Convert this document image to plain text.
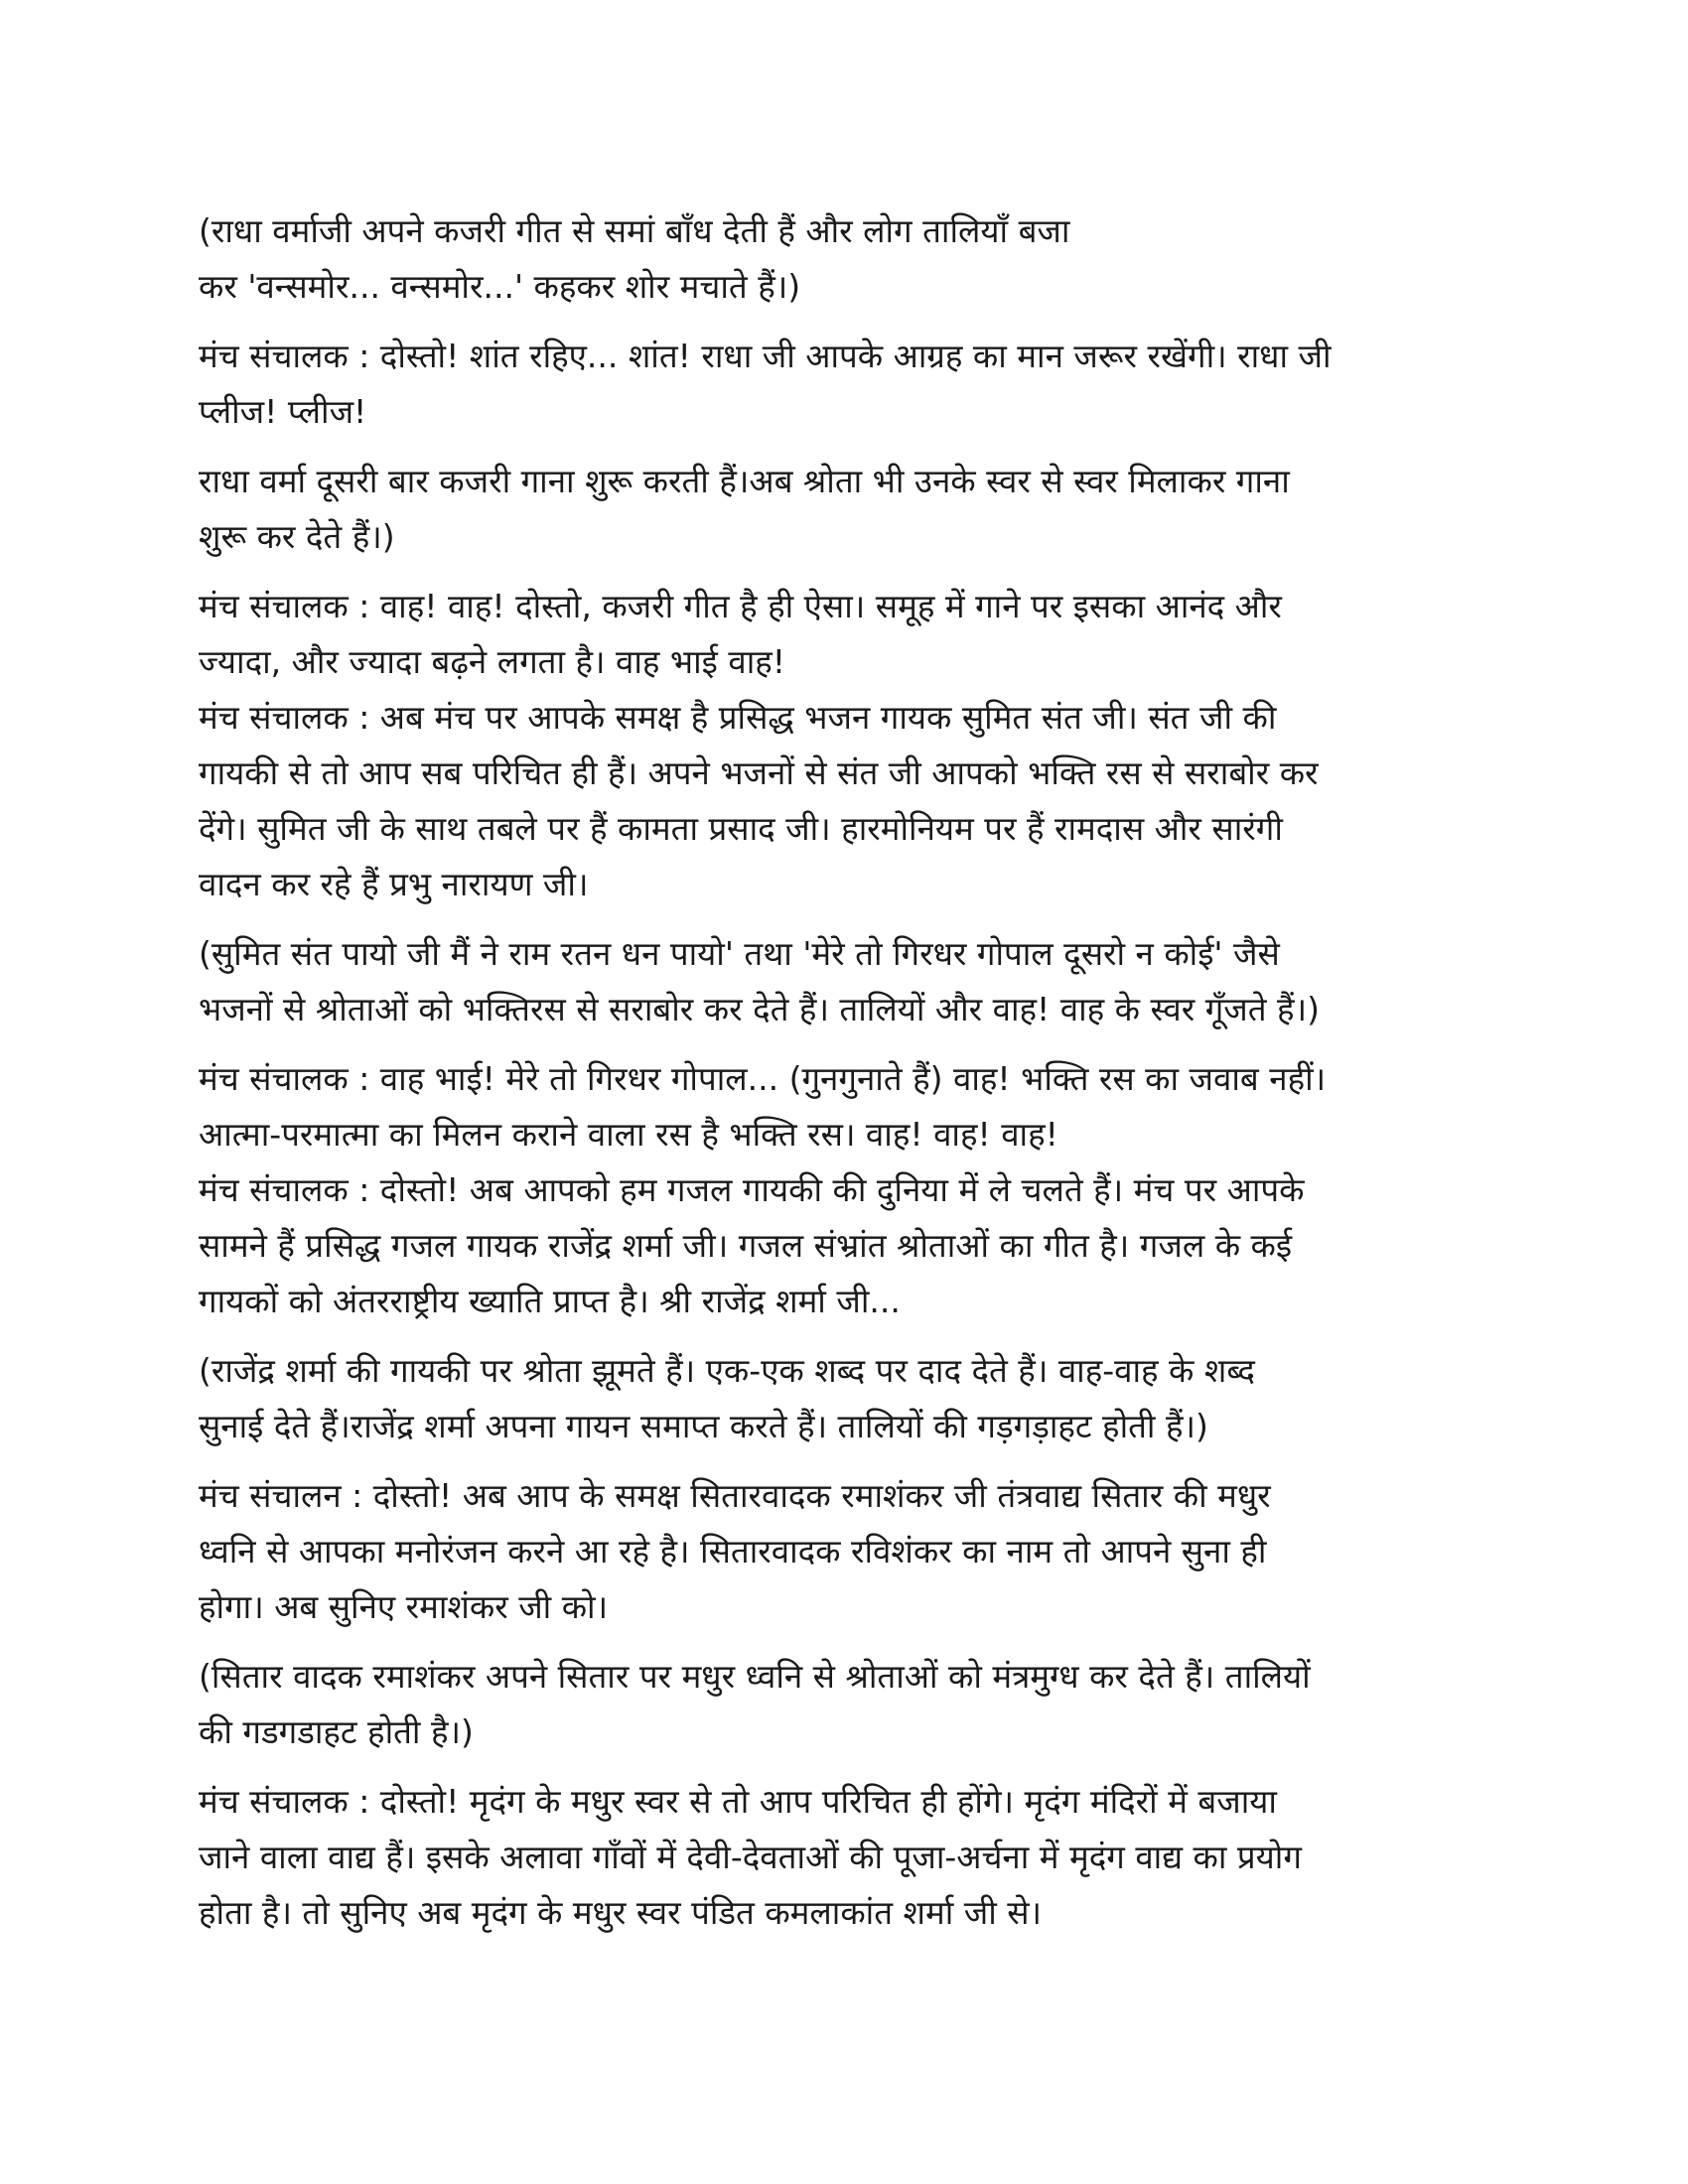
(राधा वर्माजी अपने कजरी गीत से समां बाँध देती हैं और लोग तालियाँ बजा
कर 'वन्समोर... वन्समोर...' कहकर शोर मचाते हैं।)

मंच संचालक : दोस्तो! शांत रहिए... शांत! राधा जी आपके आग्रह का मान जरूर रखेंगी। राधा जी
प्लीज! प्लीज!

राधा वर्मा दूसरी बार कजरी गाना शुरू करती हैं।अब श्रोता भी उनके स्वर से स्वर मिलाकर गाना
शुरू कर देते हैं।)

मंच संचालक : वाह! वाह! दोस्तो, कजरी गीत है ही ऐसा। समूह में गाने पर इसका आनंद और
ज्यादा, और ज्यादा बढ़ने लगता है। वाह भाई वाह!

मंच संचालक : अब मंच पर आपके समक्ष है प्रसिद्ध भजन गायक सुमित संत जी। संत जी की
गायकी से तो आप सब परिचित ही हैं। अपने भजनों से संत जी आपको भक्ति रस से सराबोर कर
देंगे। सुमित जी के साथ तबले पर हैं कामता प्रसाद जी। हारमोनियम पर हैं रामदास और सारंगी
वादन कर रहे हैं प्रभु नारायण जी।

(सुमित संत पायो जी मैं ने राम रतन धन पायो' तथा 'मेरे तो गिरधर गोपाल दूसरो न कोई' जैसे
भजनों से श्रोताओं को भक्तिरस से सराबोर कर देते हैं। तालियों और वाह! वाह के स्वर गूँजते हैं।)

मंच संचालक : वाह भाई! मेरे तो गिरधर गोपाल... (गुनगुनाते हैं) वाह! भक्ति रस का जवाब नहीं।
आत्मा-परमात्मा का मिलन कराने वाला रस है भक्ति रस। वाह! वाह! वाह!

मंच संचालक : दोस्तो! अब आपको हम गजल गायकी की दुनिया में ले चलते हैं। मंच पर आपके
सामने हैं प्रसिद्ध गजल गायक राजेंद्र शर्मा जी। गजल संभ्रांत श्रोताओं का गीत है। गजल के कई
गायकों को अंतरराष्ट्रीय ख्याति प्राप्त है। श्री राजेंद्र शर्मा जी...

(राजेंद्र शर्मा की गायकी पर श्रोता झूमते हैं। एक-एक शब्द पर दाद देते हैं। वाह-वाह के शब्द
सुनाई देते हैं।राजेंद्र शर्मा अपना गायन समाप्त करते हैं। तालियों की गड़गड़ाहट होती हैं।)

मंच संचालन : दोस्तो! अब आप के समक्ष सितारवादक रमाशंकर जी तंत्रवाद्य सितार की मधुर
ध्वनि से आपका मनोरंजन करने आ रहे है। सितारवादक रविशंकर का नाम तो आपने सुना ही
होगा। अब सुनिए रमाशंकर जी को।

(सितार वादक रमाशंकर अपने सितार पर मधुर ध्वनि से श्रोताओं को मंत्रमुग्ध कर देते हैं। तालियों
की गडगडाहट होती है।)

मंच संचालक : दोस्तो! मृदंग के मधुर स्वर से तो आप परिचित ही होंगे। मृदंग मंदिरों में बजाया
जाने वाला वाद्य हैं। इसके अलावा गाँवों में देवी-देवताओं की पूजा-अर्चना में मृदंग वाद्य का प्रयोग
होता है। तो सुनिए अब मृदंग के मधुर स्वर पंडित कमलाकांत शर्मा जी से।
